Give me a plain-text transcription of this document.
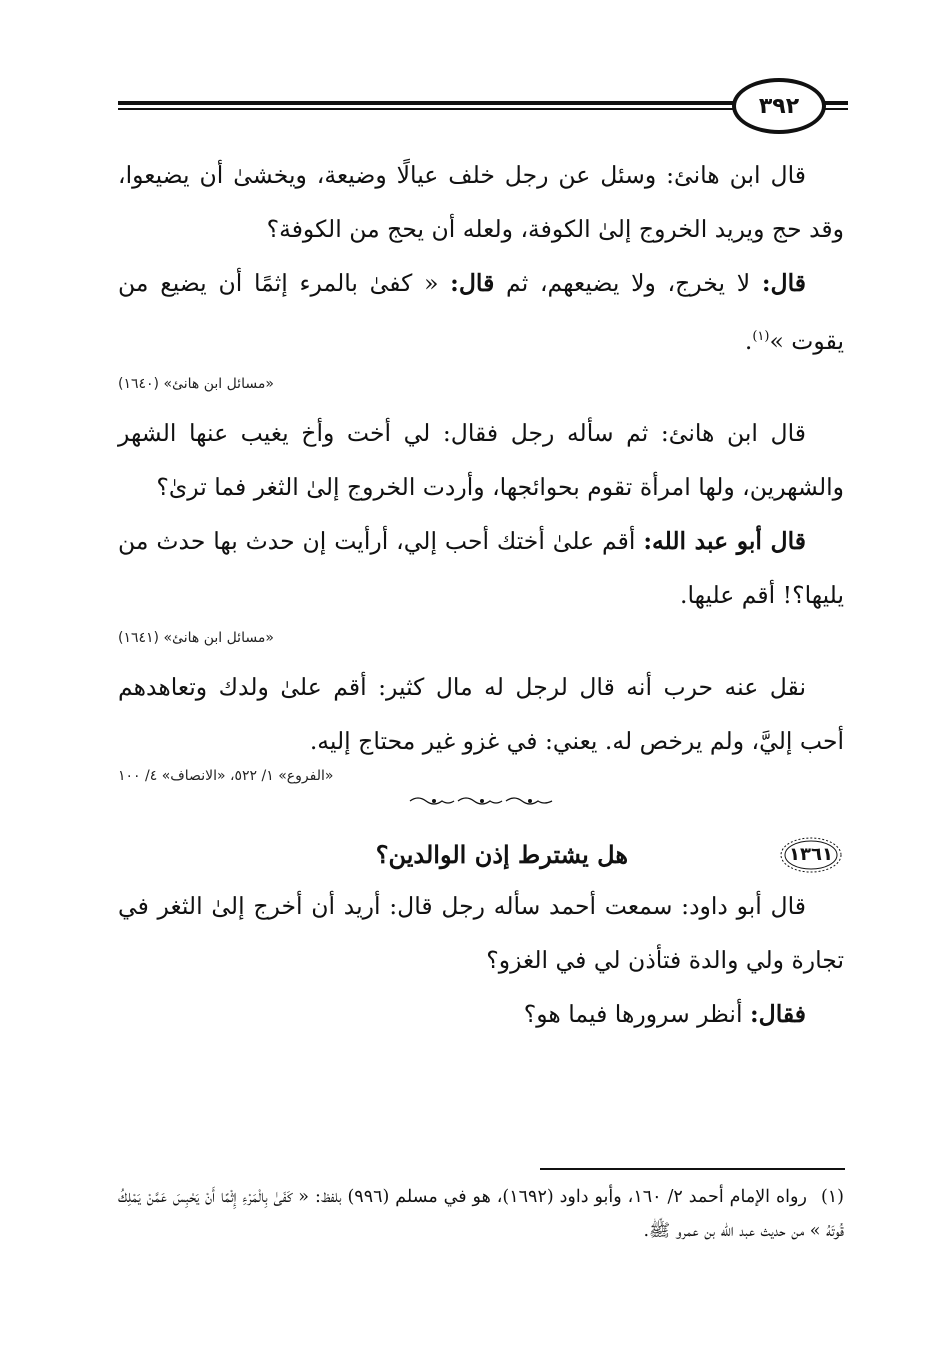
٣٩٢

قال ابن هانئ: وسئل عن رجل خلف عيالًا وضيعة، ويخشىٰ أن يضيعوا، وقد حج ويريد الخروج إلىٰ الكوفة، ولعله أن يحج من الكوفة؟

قال: لا يخرج، ولا يضيعهم، ثم قال: « كفىٰ بالمرء إثمًا أن يضيع من يقوت »$^{(١)}$.

«مسائل ابن هانئ» (١٦٤٠)

قال ابن هانئ: ثم سأله رجل فقال: لي أخت وأخ يغيب عنها الشهر والشهرين، ولها امرأة تقوم بحوائجها، وأردت الخروج إلىٰ الثغر فما ترىٰ؟

قال أبو عبد الله: أقم علىٰ أختك أحب إلي، أرأيت إن حدث بها حدث من يليها؟! أقم عليها.

«مسائل ابن هانئ» (١٦٤١)

نقل عنه حرب أنه قال لرجل له مال كثير: أقم علىٰ ولدك وتعاهدهم أحب إليَّ، ولم يرخص له. يعني: في غزو غير محتاج إليه.

«الفروع» ١/ ٥٢٢، «الانصاف» ٤/ ١٠٠
١٣٦١
هل يشترط إذن الوالدين؟

قال أبو داود: سمعت أحمد سأله رجل قال: أريد أن أخرج إلىٰ الثغر في تجارة ولي والدة فتأذن لي في الغزو؟

فقال: أنظر سرورها فيما هو؟

(١)رواه الإمام أحمد ٢/ ١٦٠، وأبو داود (١٦٩٢)، هو في مسلم (٩٩٦) بلفظ: « كَفَىٰ بِالْمَرْءِ إِثْمًا أَنْ يَحْبِسَ عَمَّنْ يَمْلِكُ قُوتَهُ » من حديث عبد الله بن عمرو ﷺ.
